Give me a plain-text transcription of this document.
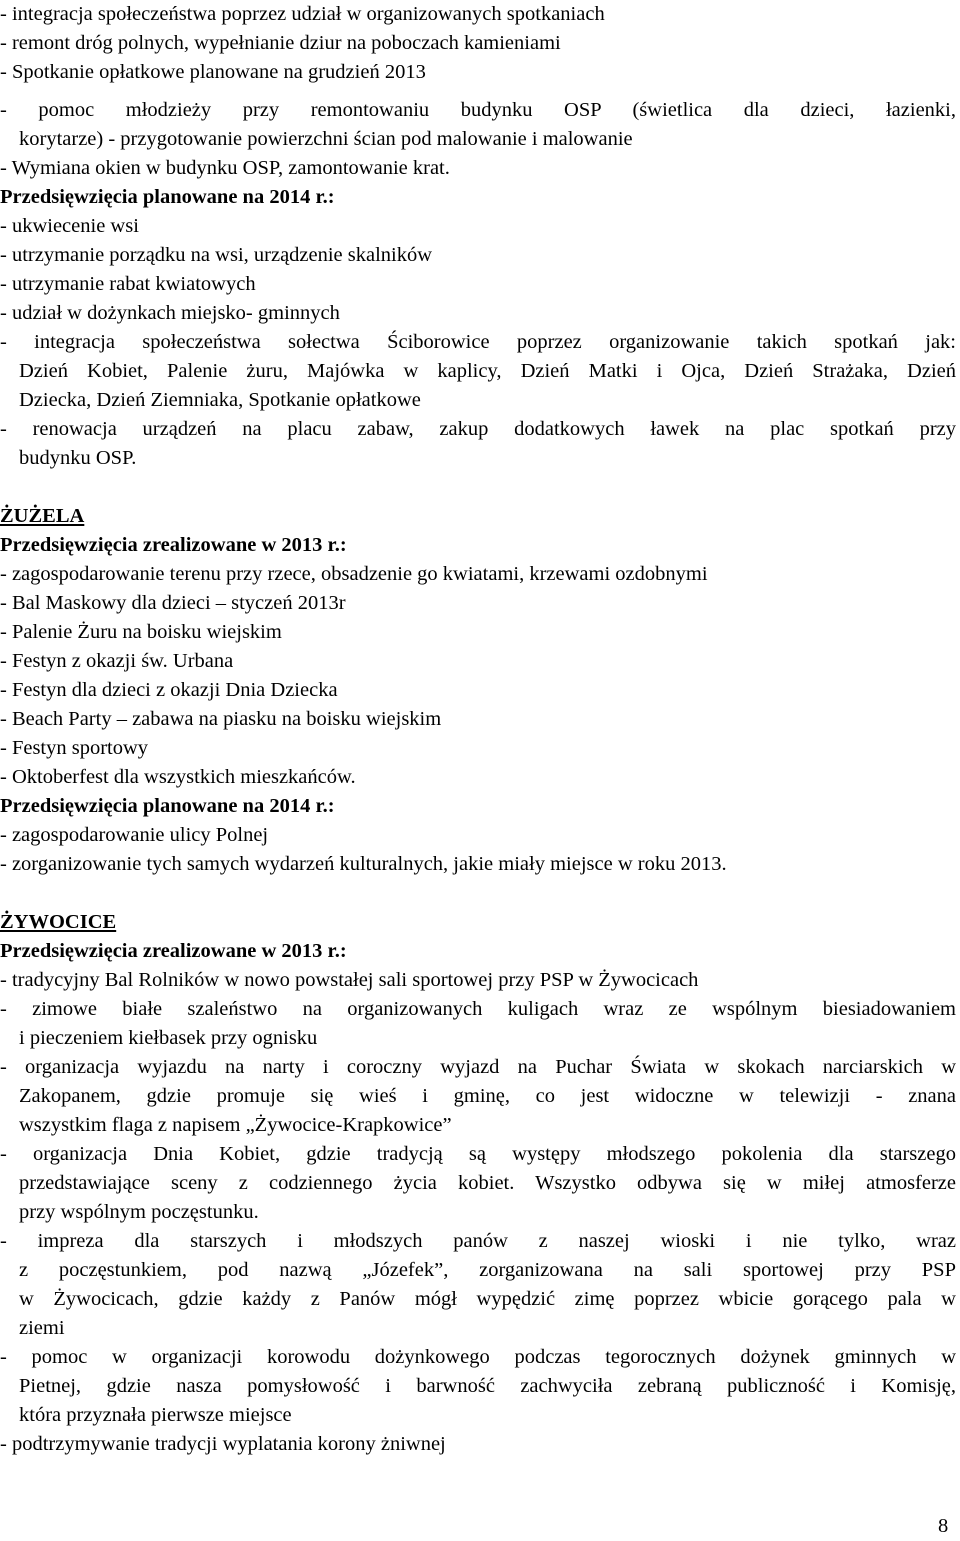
- integracja społeczeństwa poprzez udział w organizowanych spotkaniach
- remont dróg polnych, wypełnianie dziur na poboczach kamieniami
- Spotkanie opłatkowe planowane na grudzień 2013
- pomoc młodzieży przy remontowaniu budynku OSP (świetlica dla dzieci, łazienki,
korytarze) - przygotowanie powierzchni ścian pod malowanie i malowanie
- Wymiana okien w budynku OSP, zamontowanie krat.
Przedsięwzięcia planowane na 2014 r.:
- ukwiecenie wsi
- utrzymanie porządku na wsi, urządzenie skalników
- utrzymanie rabat kwiatowych
- udział w dożynkach miejsko- gminnych
- integracja społeczeństwa sołectwa Ściborowice poprzez organizowanie takich spotkań jak:
Dzień Kobiet, Palenie żuru, Majówka w kaplicy, Dzień Matki i Ojca, Dzień Strażaka, Dzień
Dziecka, Dzień Ziemniaka, Spotkanie opłatkowe
- renowacja urządzeń na placu zabaw, zakup dodatkowych ławek na plac spotkań przy
budynku OSP.
ŻUŻELA
Przedsięwzięcia zrealizowane w 2013 r.:
- zagospodarowanie terenu przy rzece, obsadzenie go kwiatami, krzewami ozdobnymi
- Bal Maskowy dla dzieci – styczeń 2013r
- Palenie Żuru na boisku wiejskim
- Festyn z okazji św. Urbana
- Festyn dla dzieci z okazji Dnia Dziecka
- Beach Party – zabawa na piasku na boisku wiejskim
- Festyn sportowy
- Oktoberfest dla wszystkich mieszkańców.
Przedsięwzięcia planowane na 2014 r.:
- zagospodarowanie ulicy Polnej
- zorganizowanie tych samych wydarzeń kulturalnych, jakie miały miejsce w roku 2013.
ŻYWOCICE
Przedsięwzięcia zrealizowane w 2013 r.:
- tradycyjny Bal Rolników w nowo powstałej sali sportowej przy PSP w Żywocicach
- zimowe białe szaleństwo na organizowanych kuligach wraz ze wspólnym biesiadowaniem
i pieczeniem kiełbasek przy ognisku
- organizacja wyjazdu na narty i coroczny wyjazd na Puchar Świata w skokach narciarskich w
Zakopanem, gdzie promuje się wieś i gminę, co jest widoczne w telewizji - znana
wszystkim flaga z napisem „Żywocice-Krapkowice”
- organizacja Dnia Kobiet, gdzie tradycją są występy młodszego pokolenia dla starszego
przedstawiające sceny z codziennego życia kobiet. Wszystko odbywa się w miłej atmosferze
przy wspólnym poczęstunku.
- impreza dla starszych i młodszych panów z naszej wioski i nie tylko, wraz
z poczęstunkiem, pod nazwą „Józefek”, zorganizowana na sali sportowej przy PSP
w Żywocicach, gdzie każdy z Panów mógł wypędzić zimę poprzez wbicie gorącego pala w
ziemi
- pomoc w organizacji korowodu dożynkowego podczas tegorocznych dożynek gminnych w
Pietnej, gdzie nasza pomysłowość i barwność zachwyciła zebraną publiczność i Komisję,
która przyznała pierwsze miejsce
- podtrzymywanie tradycji wyplatania korony żniwnej
8
